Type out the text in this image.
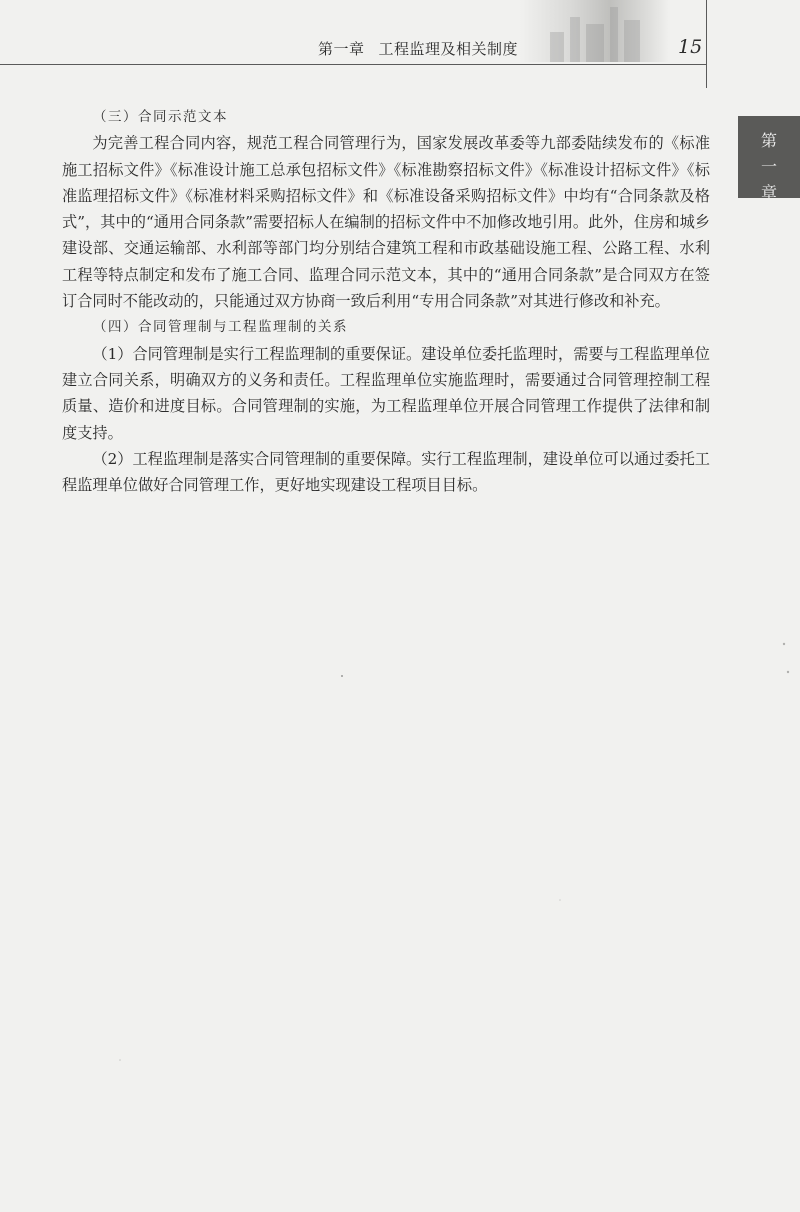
第一章 工程监理及相关制度	15
第
一
章

（三）合同示范文本

为完善工程合同内容，规范工程合同管理行为，国家发展改革委等九部委陆续发布的《标准施工招标文件》《标准设计施工总承包招标文件》《标准勘察招标文件》《标准设计招标文件》《标准监理招标文件》《标准材料采购招标文件》和《标准设备采购招标文件》中均有“合同条款及格式”，其中的“通用合同条款”需要招标人在编制的招标文件中不加修改地引用。此外，住房和城乡建设部、交通运输部、水利部等部门均分别结合建筑工程和市政基础设施工程、公路工程、水利工程等特点制定和发布了施工合同、监理合同示范文本，其中的“通用合同条款”是合同双方在签订合同时不能改动的，只能通过双方协商一致后利用“专用合同条款”对其进行修改和补充。

（四）合同管理制与工程监理制的关系

（1）合同管理制是实行工程监理制的重要保证。建设单位委托监理时，需要与工程监理单位建立合同关系，明确双方的义务和责任。工程监理单位实施监理时，需要通过合同管理控制工程质量、造价和进度目标。合同管理制的实施，为工程监理单位开展合同管理工作提供了法律和制度支持。

（2）工程监理制是落实合同管理制的重要保障。实行工程监理制，建设单位可以通过委托工程监理单位做好合同管理工作，更好地实现建设工程项目目标。
